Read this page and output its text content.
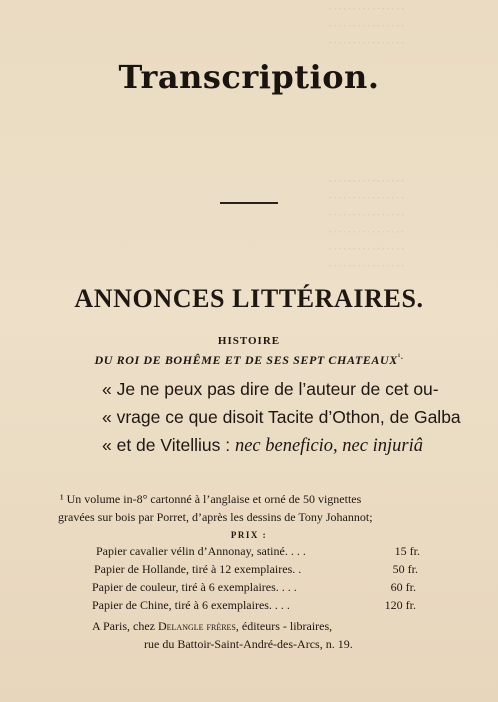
················
················
················
················
················
················
················
················
················
Transcription.
ANNONCES LITTÉRAIRES.
HISTOIRE
DU ROI DE BOHÊME ET DE SES SEPT $CHATEAUX^{^1.}$
« Je ne peux pas dire de l’auteur de cet ou-
« vrage ce que disoit Tacite d’Othon, de Galba
« et de Vitellius : nec beneficio, nec injuriâ
¹ Un volume in-8° cartonné à l’anglaise et orné de 50 vignettes
gravées sur bois par Porret, d’après les dessins de Tony Johannot;
PRIX :
Papier cavalier vélin d’Annonay, satiné. . . .	15 fr.
Papier de Hollande, tiré à 12 exemplaires. .	50 fr.
Papier de couleur, tiré à 6 exemplaires. . . .	60 fr.
Papier de Chine, tiré à 6 exemplaires. . . .	120 fr.
A Paris, chez Delangle frères, éditeurs - libraires,
rue du Battoir-Saint-André-des-Arcs, n. 19.
